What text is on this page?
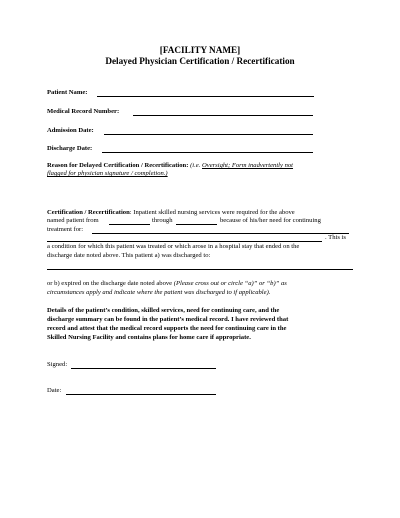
[FACILITY NAME]
Delayed Physician Certification / Recertification
Patient Name:
Medical Record Number:
Admission Date:
Discharge Date:
Reason for Delayed Certification / Recertification: (i.e. Oversight; Form inadvertently not
flagged for physician signature / completion.)
Certification / Recertification: Inpatient skilled nursing services were required for the above
named patient from	through	because of his/her need for continuing
treatment for:
. This is
a condition for which this patient was treated or which arose in a hospital stay that ended on the
discharge date noted above. This patient a) was discharged to:
or b) expired on the discharge date noted above (Please cross out or circle “a)” or “b)” as
circumstances apply and indicate where the patient was discharged to if applicable).
Details of the patient’s condition, skilled services, need for continuing care, and the
discharge summary can be found in the patient’s medical record. I have reviewed that
record and attest that the medical record supports the need for continuing care in the
Skilled Nursing Facility and contains plans for home care if appropriate.
Signed:
Date:
